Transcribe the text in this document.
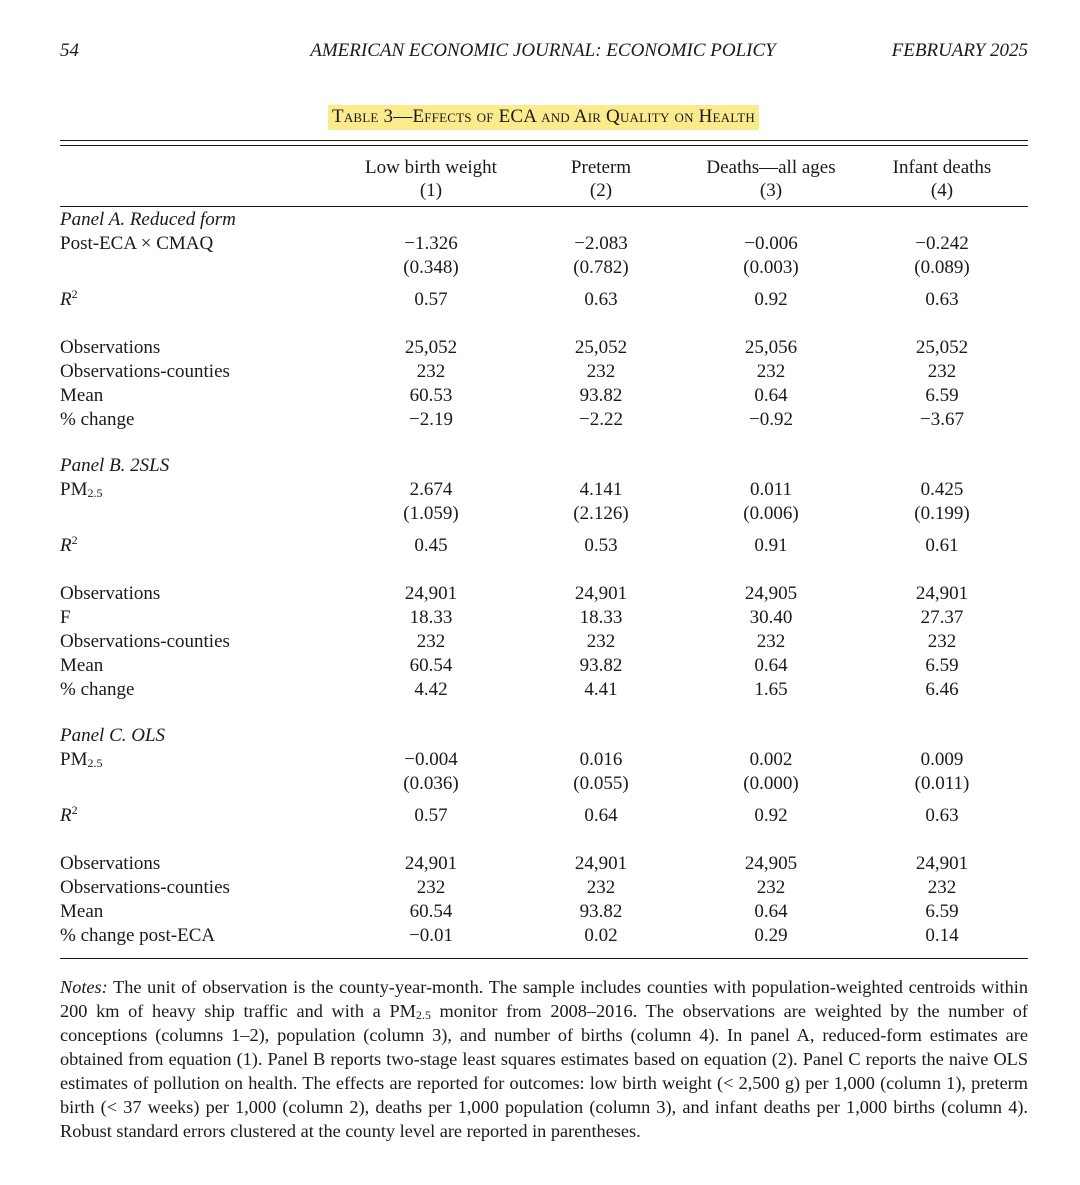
54	AMERICAN ECONOMIC JOURNAL: ECONOMIC POLICY	FEBRUARY 2025
Table 3—Effects of ECA and Air Quality on Health
	Low birth weight	Preterm	Deaths—all ages	Infant deaths
	(1)	(2)	(3)	(4)

Panel A. Reduced form				
Post-ECA × CMAQ	−1.326	−2.083	−0.006	−0.242
	(0.348)	(0.782)	(0.003)	(0.089)

$R^2$	0.57	0.63	0.92	0.63

Observations	25,052	25,052	25,056	25,052
Observations-counties	232	232	232	232
Mean	60.53	93.82	0.64	6.59
% change	−2.19	−2.22	−0.92	−3.67

Panel B. 2SLS				
$PM_{2.5}$	2.674	4.141	0.011	0.425
	(1.059)	(2.126)	(0.006)	(0.199)

$R^2$	0.45	0.53	0.91	0.61

Observations	24,901	24,901	24,905	24,901
F	18.33	18.33	30.40	27.37
Observations-counties	232	232	232	232
Mean	60.54	93.82	0.64	6.59
% change	4.42	4.41	1.65	6.46

Panel C. OLS				
$PM_{2.5}$	−0.004	0.016	0.002	0.009
	(0.036)	(0.055)	(0.000)	(0.011)

$R^2$	0.57	0.64	0.92	0.63

Observations	24,901	24,901	24,905	24,901
Observations-counties	232	232	232	232
Mean	60.54	93.82	0.64	6.59
% change post-ECA	−0.01	0.02	0.29	0.14
Notes: The unit of observation is the county-year-month. The sample includes counties with population-weighted centroids within 200 km of heavy ship traffic and with a $PM_{2.5}$ monitor from 2008–2016. The observations are weighted by the number of conceptions (columns 1–2), population (column 3), and number of births (column 4). In panel A, reduced-form estimates are obtained from equation (1). Panel B reports two-stage least squares estimates based on equation (2). Panel C reports the naive OLS estimates of pollution on health. The effects are reported for outcomes: low birth weight (< 2,500 g) per 1,000 (column 1), preterm birth (< 37 weeks) per 1,000 (column 2), deaths per 1,000 population (column 3), and infant deaths per 1,000 births (column 4). Robust standard errors clustered at the county level are reported in parentheses.
